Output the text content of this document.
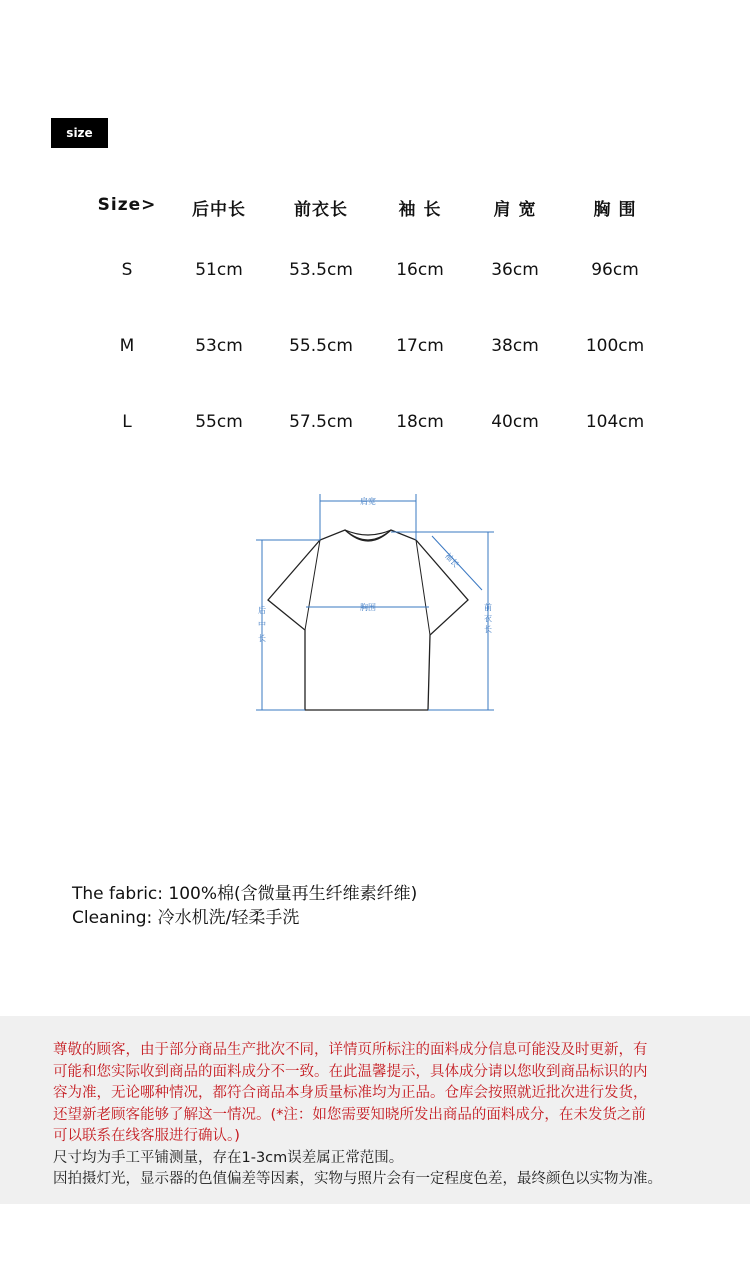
size
Size> 后中长	前衣长	袖 长	肩 宽	胸 围
S	51cm	53.5cm	16cm	36cm	96cm
M	53cm	55.5cm	17cm	38cm	100cm
L	55cm	57.5cm	18cm	40cm	104cm
肩宽
胸围
袖长
前
衣
长
后
中
长
The fabric: 100%棉(含微量再生纤维素纤维)
Cleaning: 冷水机洗/轻柔手洗
尊敬的顾客，由于部分商品生产批次不同，详情页所标注的面料成分信息可能没及时更新，有
可能和您实际收到商品的面料成分不一致。在此温馨提示，具体成分请以您收到商品标识的内
容为准，无论哪种情况，都符合商品本身质量标准均为正品。仓库会按照就近批次进行发货，
还望新老顾客能够了解这一情况。(*注：如您需要知晓所发出商品的面料成分，在未发货之前
可以联系在线客服进行确认。)
尺寸均为手工平铺测量，存在1-3cm误差属正常范围。
因拍摄灯光，显示器的色值偏差等因素，实物与照片会有一定程度色差，最终颜色以实物为准。
